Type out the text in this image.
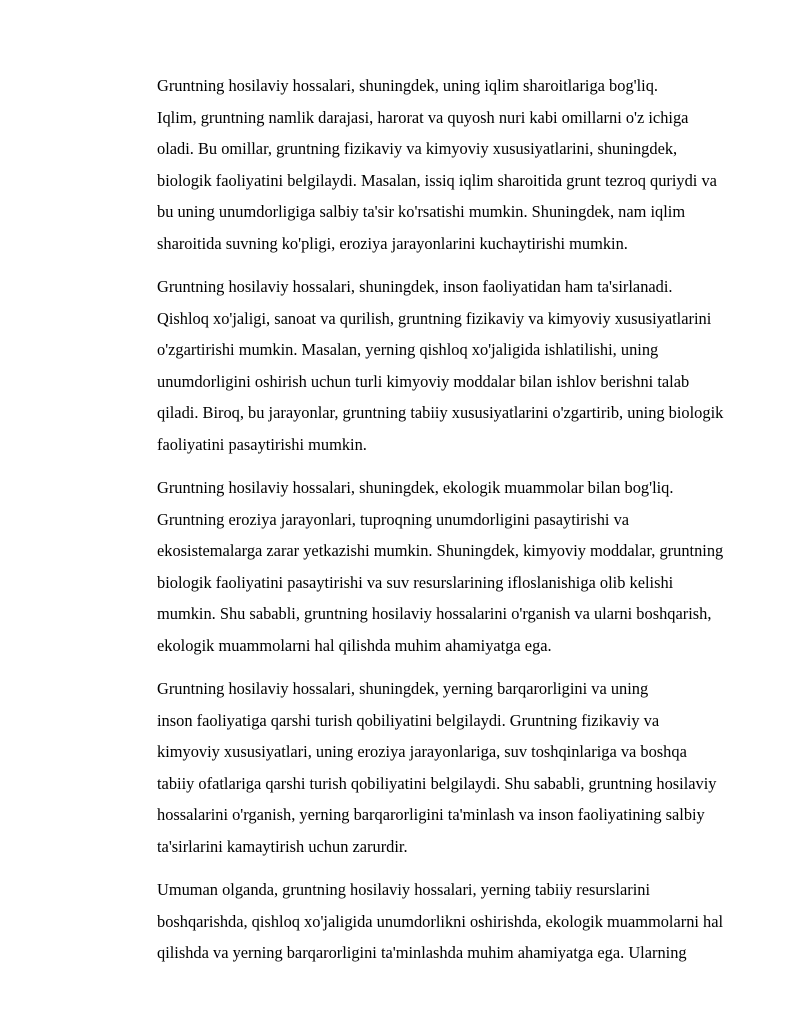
Gruntning hosilaviy hossalari, shuningdek, uning iqlim sharoitlariga bog'liq.
Iqlim, gruntning namlik darajasi, harorat va quyosh nuri kabi omillarni o'z ichiga
oladi. Bu omillar, gruntning fizikaviy va kimyoviy xususiyatlarini, shuningdek,
biologik faoliyatini belgilaydi. Masalan, issiq iqlim sharoitida grunt tezroq quriydi va
bu uning unumdorligiga salbiy ta'sir ko'rsatishi mumkin. Shuningdek, nam iqlim
sharoitida suvning ko'pligi, eroziya jarayonlarini kuchaytirishi mumkin.

Gruntning hosilaviy hossalari, shuningdek, inson faoliyatidan ham ta'sirlanadi.
Qishloq xo'jaligi, sanoat va qurilish, gruntning fizikaviy va kimyoviy xususiyatlarini
o'zgartirishi mumkin. Masalan, yerning qishloq xo'jaligida ishlatilishi, uning
unumdorligini oshirish uchun turli kimyoviy moddalar bilan ishlov berishni talab
qiladi. Biroq, bu jarayonlar, gruntning tabiiy xususiyatlarini o'zgartirib, uning biologik
faoliyatini pasaytirishi mumkin.

Gruntning hosilaviy hossalari, shuningdek, ekologik muammolar bilan bog'liq.
Gruntning eroziya jarayonlari, tuproqning unumdorligini pasaytirishi va
ekosistemalarga zarar yetkazishi mumkin. Shuningdek, kimyoviy moddalar, gruntning
biologik faoliyatini pasaytirishi va suv resurslarining ifloslanishiga olib kelishi
mumkin. Shu sababli, gruntning hosilaviy hossalarini o'rganish va ularni boshqarish,
ekologik muammolarni hal qilishda muhim ahamiyatga ega.

Gruntning hosilaviy hossalari, shuningdek, yerning barqarorligini va uning
inson faoliyatiga qarshi turish qobiliyatini belgilaydi. Gruntning fizikaviy va
kimyoviy xususiyatlari, uning eroziya jarayonlariga, suv toshqinlariga va boshqa
tabiiy ofatlariga qarshi turish qobiliyatini belgilaydi. Shu sababli, gruntning hosilaviy
hossalarini o'rganish, yerning barqarorligini ta'minlash va inson faoliyatining salbiy
ta'sirlarini kamaytirish uchun zarurdir.

Umuman olganda, gruntning hosilaviy hossalari, yerning tabiiy resurslarini
boshqarishda, qishloq xo'jaligida unumdorlikni oshirishda, ekologik muammolarni hal
qilishda va yerning barqarorligini ta'minlashda muhim ahamiyatga ega. Ularning
